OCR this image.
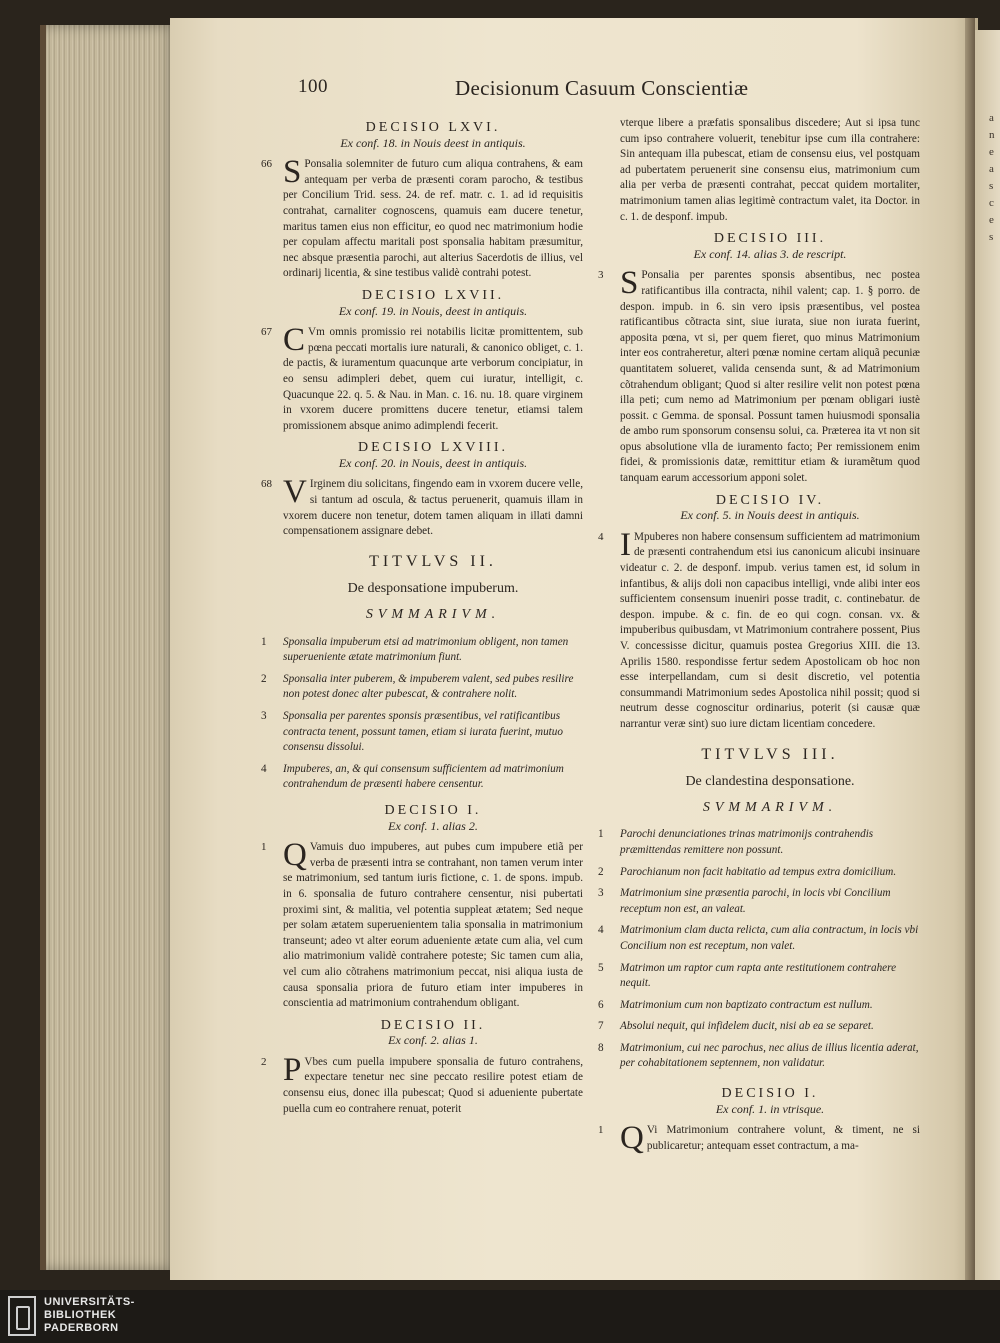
100	Decisionum Casuum Conscientiæ
DECISIO LXVI.
Ex conf. 18. in Nouis deest in antiquis.
66 S Ponsalia solemniter de futuro cum aliqua contrahens, & eam antequam per verba de præsenti coram parocho, & testibus per Concilium Trid. sess. 24. de ref. matr. c. 1. ad id requisitis contrahat, carnaliter cognoscens, quamuis eam ducere tenetur, maritus tamen eius non efficitur, eo quod nec matrimonium hodie per copulam affectu maritali post sponsalia habitam præsumitur, nec absque præsentia parochi, aut alterius Sacerdotis de illius, vel ordinarij licentia, & sine testibus validè contrahi potest.
DECISIO LXVII.
Ex conf. 19. in Nouis, deest in antiquis.
67 C Vm omnis promissio rei notabilis licitæ promittentem, sub pœna peccati mortalis iure naturali, & canonico obliget, c. 1. de pactis, & iuramentum quacunque arte verborum concipiatur, in eo sensu adimpleri debet, quem cui iuratur, intelligit, c. Quacunque 22. q. 5. & Nau. in Man. c. 16. nu. 18. quare virginem in vxorem ducere promittens ducere tenetur, etiamsi talem promissionem absque animo adimplendi fecerit.
DECISIO LXVIII.
Ex conf. 20. in Nouis, deest in antiquis.
68 V Irginem diu solicitans, fingendo eam in vxorem ducere velle, si tantum ad oscula, & tactus peruenerit, quamuis illam in vxorem ducere non tenetur, dotem tamen aliquam in illati damni compensationem assignare debet.
TITVLVS II.
De desponsatione impuberum.
SVMMARIVM.
1 Sponsalia impuberum etsi ad matrimonium obligent, non tamen superueniente ætate matrimonium fiunt.
2 Sponsalia inter puberem, & impuberem valent, sed pubes resilire non potest donec alter pubescat, & contrahere nolit.
3 Sponsalia per parentes sponsis præsentibus, vel ratificantibus contracta tenent, possunt tamen, etiam si iurata fuerint, mutuo consensu dissolui.
4 Impuberes, an, & qui consensum sufficientem ad matrimonium contrahendum de præsenti habere censentur.
DECISIO I.
Ex conf. 1. alias 2.
1 Q Vamuis duo impuberes, aut pubes cum impubere etiã per verba de præsenti intra se contrahant, non tamen verum inter se matrimonium, sed tantum iuris fictione, c. 1. de spons. impub. in 6. sponsalia de futuro contrahere censentur, nisi pubertati proximi sint, & malitia, vel potentia suppleat ætatem; Sed neque per solam ætatem superuenientem talia sponsalia in matrimonium transeunt; adeo vt alter eorum adueniente ætate cum alia, vel cum alio matrimonium validè contrahere poteste; Sic tamen cum alia, vel cum alio cõtrahens matrimonium peccat, nisi aliqua iusta de causa sponsalia priora de futuro etiam inter impuberes in conscientia ad matrimonium contrahendum obligant.
DECISIO II.
Ex conf. 2. alias 1.
2 P Vbes cum puella impubere sponsalia de futuro contrahens, expectare tenetur nec sine peccato resilire potest etiam de consensu eius, donec illa pubescat; Quod si adueniente pubertate puella cum eo contrahere renuat, poterit
vterque libere a præfatis sponsalibus discedere; Aut si ipsa tunc cum ipso contrahere voluerit, tenebitur ipse cum illa contrahere: Sin antequam illa pubescat, etiam de consensu eius, vel postquam ad pubertatem peruenerit sine consensu eius, matrimonium cum alia per verba de præsenti contrahat, peccat quidem mortaliter, matrimonium tamen alias legitimè contractum valet, ita Doctor. in c. 1. de desponf. impub.
DECISIO III.
Ex conf. 14. alias 3. de rescript.
3 S Ponsalia per parentes sponsis absentibus, nec postea ratificantibus illa contracta, nihil valent; cap. 1. § porro. de despon. impub. in 6. sin vero ipsis præsentibus, vel postea ratificantibus cõtracta sint, siue iurata, siue non iurata fuerint, apposita pœna, vt si, per quem fieret, quo minus Matrimonium inter eos contraheretur, alteri pœnæ nomine certam aliquã pecuniæ quantitatem solueret, valida censenda sunt, & ad Matrimonium cõtrahendum obligant; Quod si alter resilire velit non potest pœna illa peti; cum nemo ad Matrimonium per pœnam obligari iustè possit. c Gemma. de sponsal. Possunt tamen huiusmodi sponsalia de ambo rum sponsorum consensu solui, ca. Præterea ita vt non sit opus absolutione vlla de iuramento facto; Per remissionem enim fidei, & promissionis datæ, remittitur etiam & iuramẽtum quod tanquam earum accessorium apponi solet.
DECISIO IV.
Ex conf. 5. in Nouis deest in antiquis.
4 I Mpuberes non habere consensum sufficientem ad matrimonium de præsenti contrahendum etsi ius canonicum alicubi insinuare videatur c. 2. de desponf. impub. verius tamen est, id solum in infantibus, & alijs doli non capacibus intelligi, vnde alibi inter eos sufficientem consensum inueniri posse tradit, c. continebatur. de despon. impube. & c. fin. de eo qui cogn. consan. vx. & impuberibus quibusdam, vt Matrimonium contrahere possent, Pius V. concessisse dicitur, quamuis postea Gregorius XIII. die 13. Aprilis 1580. respondisse fertur sedem Apostolicam ob hoc non esse interpellandam, cum si desit discretio, vel potentia consummandi Matrimonium sedes Apostolica nihil possit; quod si neutrum desse cognoscitur ordinarius, poterit (si causæ quæ narrantur veræ sint) suo iure dictam licentiam concedere.
TITVLVS III.
De clandestina desponsatione.
SVMMARIVM.
1 Parochi denunciationes trinas matrimonijs contrahendis præmittendas remittere non possunt.
2 Parochianum non facit habitatio ad tempus extra domicilium.
3 Matrimonium sine præsentia parochi, in locis vbi Concilium receptum non est, an valeat.
4 Matrimonium clam ducta relicta, cum alia contractum, in locis vbi Concilium non est receptum, non valet.
5 Matrimon um raptor cum rapta ante restitutionem contrahere nequit.
6 Matrimonium cum non baptizato contractum est nullum.
7 Absolui nequit, qui infidelem ducit, nisi ab ea se separet.
8 Matrimonium, cui nec parochus, nec alius de illius licentia aderat, per cohabitationem septennem, non validatur.
DECISIO I.
Ex conf. 1. in vtrisque.
1 Q Vi Matrimonium contrahere volunt, & timent, ne si publicaretur; antequam esset contractum, a ma-
a
n
e
a
s
c
e
s
UNIVERSITÄTS-
BIBLIOTHEK
PADERBORN
